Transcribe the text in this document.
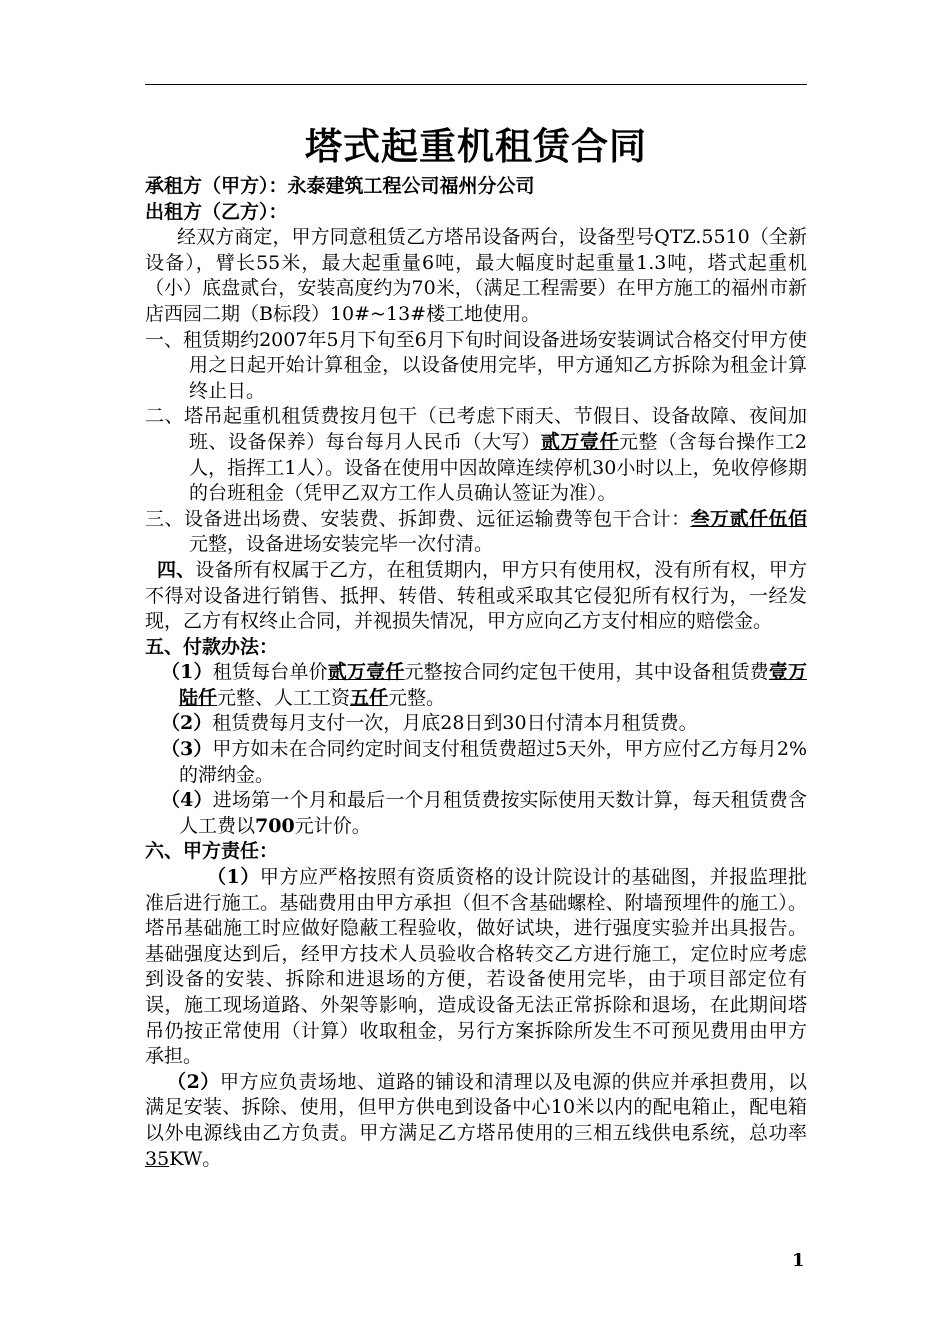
塔式起重机租赁合同

承租方（甲方）：永泰建筑工程公司福州分公司

出租方（乙方）：

经双方商定，甲方同意租赁乙方塔吊设备两台，设备型号QTZ.5510（全新设备），臂长55米，最大起重量6吨，最大幅度时起重量1.3吨，塔式起重机（小）底盘贰台，安装高度约为70米，（满足工程需要）在甲方施工的福州市新店西园二期（B标段）10#~13#楼工地使用。

一、租赁期约2007年5月下旬至6月下旬时间设备进场安装调试合格交付甲方使用之日起开始计算租金，以设备使用完毕，甲方通知乙方拆除为租金计算终止日。

二、塔吊起重机租赁费按月包干（已考虑下雨天、节假日、设备故障、夜间加班、设备保养）每台每月人民币（大写）贰万壹仟元整（含每台操作工2人，指挥工1人）。设备在使用中因故障连续停机30小时以上，免收停修期的台班租金（凭甲乙双方工作人员确认签证为准）。

三、设备进出场费、安装费、拆卸费、远征运输费等包干合计：叁万贰仟伍佰元整，设备进场安装完毕一次付清。

四、设备所有权属于乙方，在租赁期内，甲方只有使用权，没有所有权，甲方不得对设备进行销售、抵押、转借、转租或采取其它侵犯所有权行为，一经发现，乙方有权终止合同，并视损失情况，甲方应向乙方支付相应的赔偿金。

五、付款办法：

（1）租赁每台单价贰万壹仟元整按合同约定包干使用，其中设备租赁费壹万陆仟元整、人工工资五仟元整。

（2）租赁费每月支付一次，月底28日到30日付清本月租赁费。

（3）甲方如未在合同约定时间支付租赁费超过5天外，甲方应付乙方每月2%的滞纳金。

（4）进场第一个月和最后一个月租赁费按实际使用天数计算，每天租赁费含人工费以700元计价。

六、甲方责任：

（1）甲方应严格按照有资质资格的设计院设计的基础图，并报监理批准后进行施工。基础费用由甲方承担（但不含基础螺栓、附墙预埋件的施工）。塔吊基础施工时应做好隐蔽工程验收，做好试块，进行强度实验并出具报告。基础强度达到后，经甲方技术人员验收合格转交乙方进行施工，定位时应考虑到设备的安装、拆除和进退场的方便，若设备使用完毕，由于项目部定位有误，施工现场道路、外架等影响，造成设备无法正常拆除和退场，在此期间塔吊仍按正常使用（计算）收取租金，另行方案拆除所发生不可预见费用由甲方承担。

（2）甲方应负责场地、道路的铺设和清理以及电源的供应并承担费用，以满足安装、拆除、使用，但甲方供电到设备中心10米以内的配电箱止，配电箱以外电源线由乙方负责。甲方满足乙方塔吊使用的三相五线供电系统，总功率35KW。

1
